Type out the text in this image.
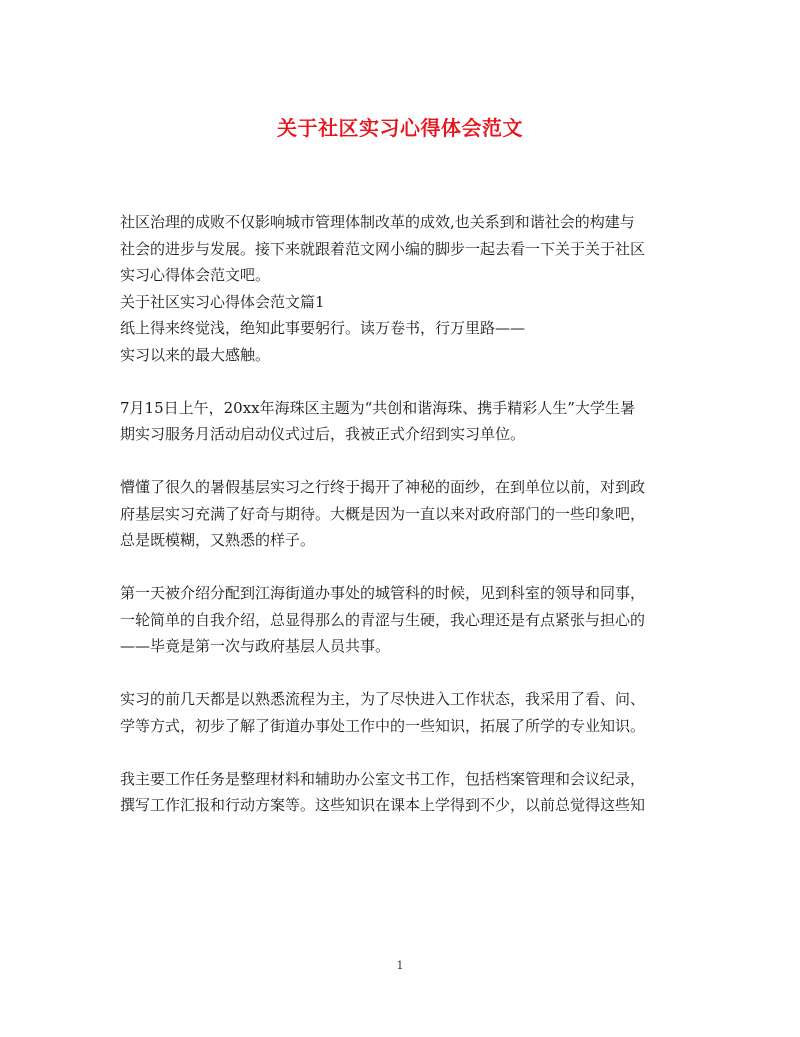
关于社区实习心得体会范文
社区治理的成败不仅影响城市管理体制改革的成效,也关系到和谐社会的构建与
社会的进步与发展。接下来就跟着范文网小编的脚步一起去看一下关于关于社区
实习心得体会范文吧。
关于社区实习心得体会范文篇1
纸上得来终觉浅，绝知此事要躬行。读万卷书，行万里路——
实习以来的最大感触。
7月15日上午，20xx年海珠区主题为“共创和谐海珠、携手精彩人生”大学生暑
期实习服务月活动启动仪式过后，我被正式介绍到实习单位。
懵懂了很久的暑假基层实习之行终于揭开了神秘的面纱，在到单位以前，对到政
府基层实习充满了好奇与期待。大概是因为一直以来对政府部门的一些印象吧，
总是既模糊，又熟悉的样子。
第一天被介绍分配到江海街道办事处的城管科的时候，见到科室的领导和同事，
一轮简单的自我介绍，总显得那么的青涩与生硬，我心理还是有点紧张与担心的
——毕竟是第一次与政府基层人员共事。
实习的前几天都是以熟悉流程为主，为了尽快进入工作状态，我采用了看、问、
学等方式，初步了解了街道办事处工作中的一些知识，拓展了所学的专业知识。
我主要工作任务是整理材料和辅助办公室文书工作，包括档案管理和会议纪录，
撰写工作汇报和行动方案等。这些知识在课本上学得到不少，以前总觉得这些知
1
